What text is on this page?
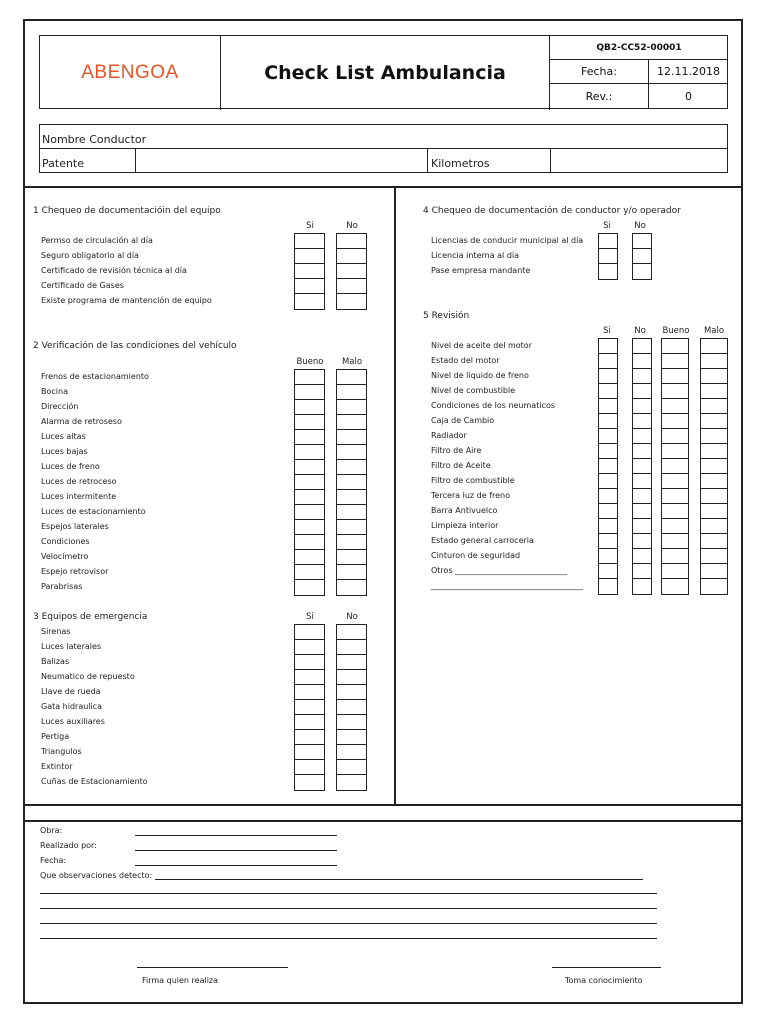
ABENGOA	Check List Ambulancia
QB2-CC52-00001
Fecha:	12.11.2018
Rev.:	0
Nombre Conductor
Patente	Kilometros
1 Chequeo de documentacióin del equipo
Si	No
Permso de circulación al día
Seguro obligatorio al día
Certificado de revisión técnica al día
Certificado de Gases
Existe programa de mantención de equipo
2 Verificación de las condiciones del vehículo
Bueno	Malo
Frenos de estacionamiento
Bocina
Dirección
Alarma de retroseso
Luces altas
Luces bajas
Luces de freno
Luces de retroceso
Luces intermitente
Luces de estacionamiento
Espejos laterales
Condiciones
Velocímetro
Espejo retrovisor
Parabrisas
3 Equipos de emergencia	Si	No
Sirenas
Luces laterales
Balizas
Neumatico de repuesto
Llave de rueda
Gata hidraulica
Luces auxiliares
Pertiga
Triangulos
Extintor
Cuñas de Estacionamiento
4 Chequeo de documentación de conductor y/o operador
Si	No
Licencias de conducir municipal al día
Licencia interna al día
Pase empresa mandante
5 Revisión
Si	No	Bueno	Malo
Nivel de aceite del motor
Estado del motor
Nivel de liquido de freno
Nivel de combustible
Condiciones de los neumaticos
Caja de Cambio
Radiador
Filtro de Aire
Filtro de Aceite
Filtro de combustible
Tercera luz de freno
Barra Antivuelco
Limpieza interior
Estado general carroceria
Cinturon de seguridad
Otros ____________________________
______________________________________
Obra:
Realizado por:
Fecha:
Que observaciones detecto:
Firma quien realiza	Toma conocimiento
